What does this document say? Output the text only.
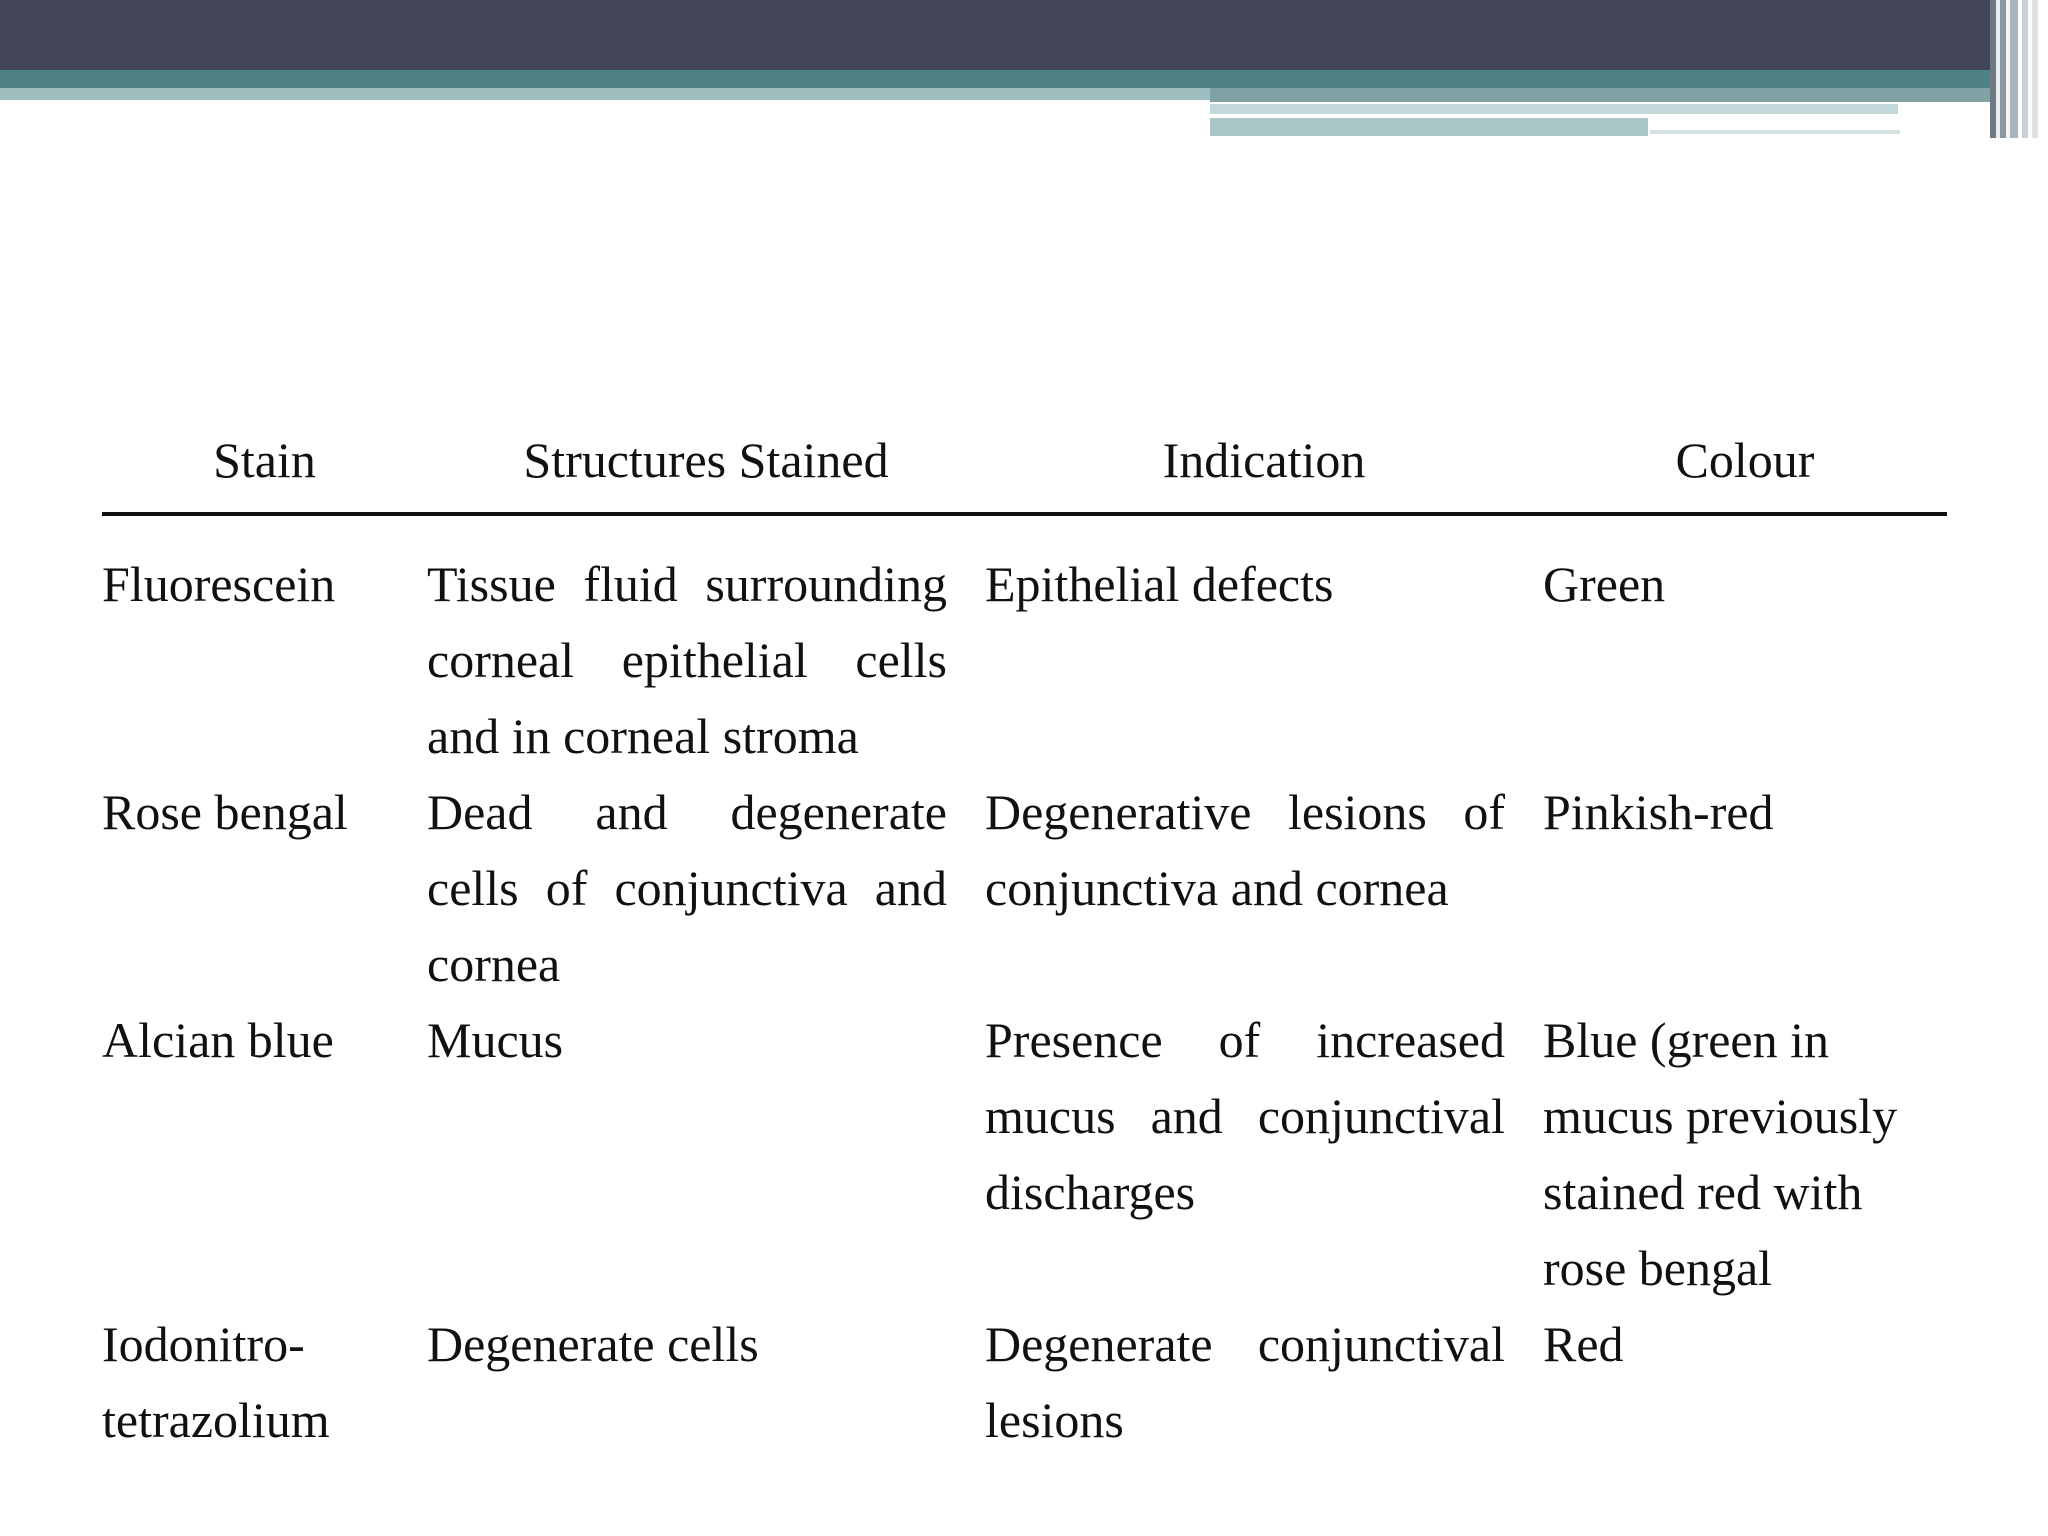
Stain	Structures Stained	Indication	Colour
Fluorescein	Tissue fluid surrounding corneal epithelial cells and in corneal stroma	Epithelial defects	Green
Rose bengal	Dead and degenerate cells of conjunctiva and cornea	Degenerative lesions of conjunctiva and cornea	Pinkish-red
Alcian blue	Mucus	Presence of increased mucus and conjunctival discharges	Blue (green in mucus previously stained red with rose bengal
Iodonitro-tetrazolium	Degenerate cells	Degenerate conjunctival lesions	Red
